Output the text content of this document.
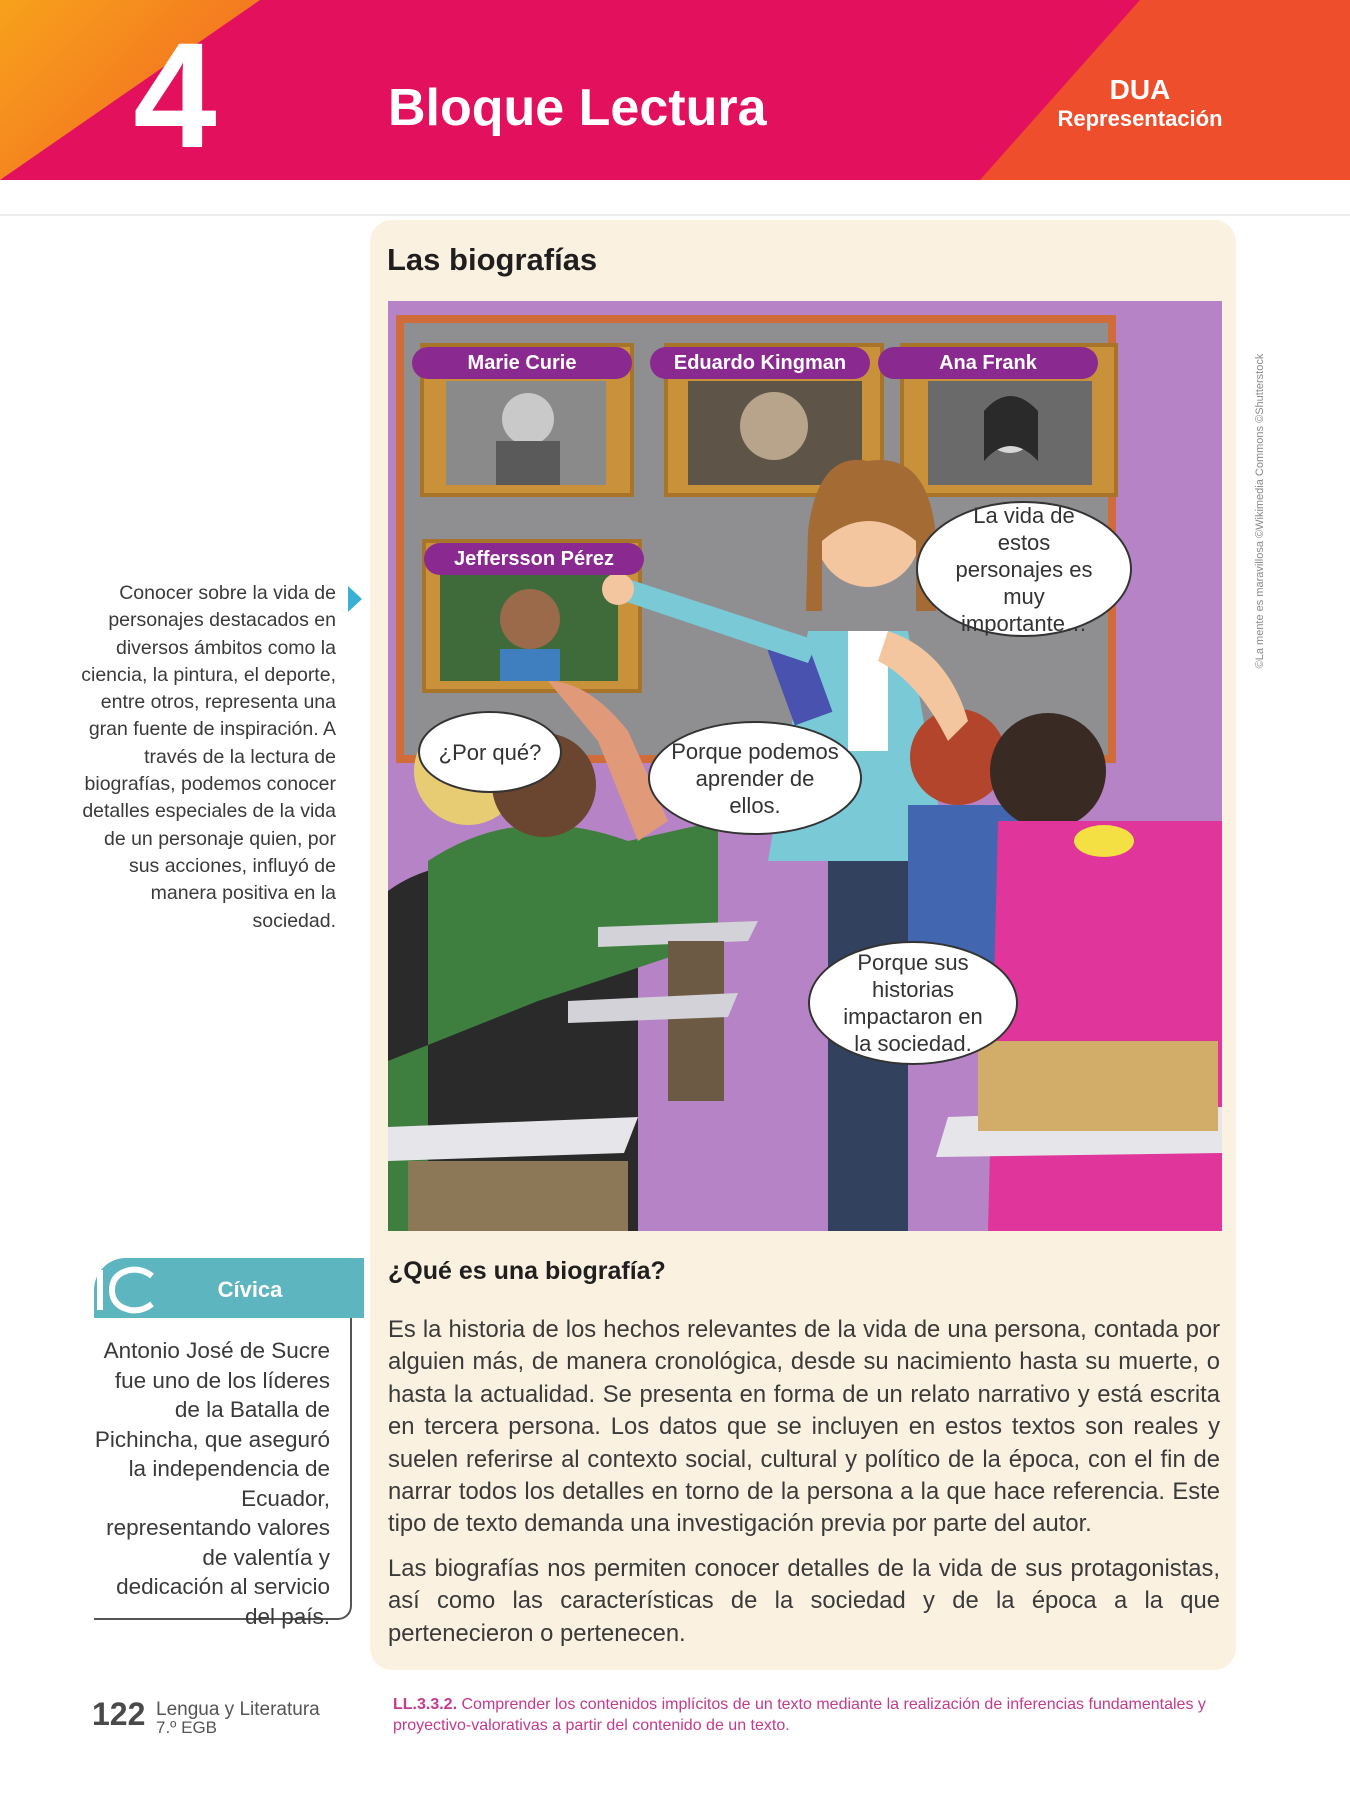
4	Bloque Lectura	DUA
Representación
Las biografías
Marie Curie	Eduardo Kingman	Ana Frank
Jeffersson Pérez
La vida de estos personajes es muy importante…
¿Por qué?	Porque podemos aprender de ellos.
Porque sus historias impactaron en la sociedad.
©La mente es maravillosa ©Wikimedia Commons ©Shutterstock
Conocer sobre la vida de personajes destacados en diversos ámbitos como la ciencia, la pintura, el deporte, entre otros, representa una gran fuente de inspiración. A través de la lectura de biografías, podemos conocer detalles especiales de la vida de un personaje quien, por sus acciones, influyó de manera positiva en la sociedad.
Cívica
Antonio José de Sucre fue uno de los líderes de la Batalla de Pichincha, que aseguró la independencia de Ecuador, representando valores de valentía y dedicación al servicio del país.
¿Qué es una biografía?
Es la historia de los hechos relevantes de la vida de una persona, contada por alguien más, de manera cronológica, desde su nacimiento hasta su muerte, o hasta la actualidad. Se presenta en forma de un relato narrativo y está escrita en tercera persona. Los datos que se incluyen en estos textos son reales y suelen referirse al contexto social, cultural y político de la época, con el fin de narrar todos los detalles en torno de la persona a la que hace referencia. Este tipo de texto demanda una investigación previa por parte del autor.
Las biografías nos permiten conocer detalles de la vida de sus protagonistas, así como las características de la sociedad y de la época a la que pertenecieron o pertenecen.
122 Lengua y Literatura
7.º EGB
LL.3.3.2. Comprender los contenidos implícitos de un texto mediante la realización de inferencias fundamentales y proyectivo-valorativas a partir del contenido de un texto.
